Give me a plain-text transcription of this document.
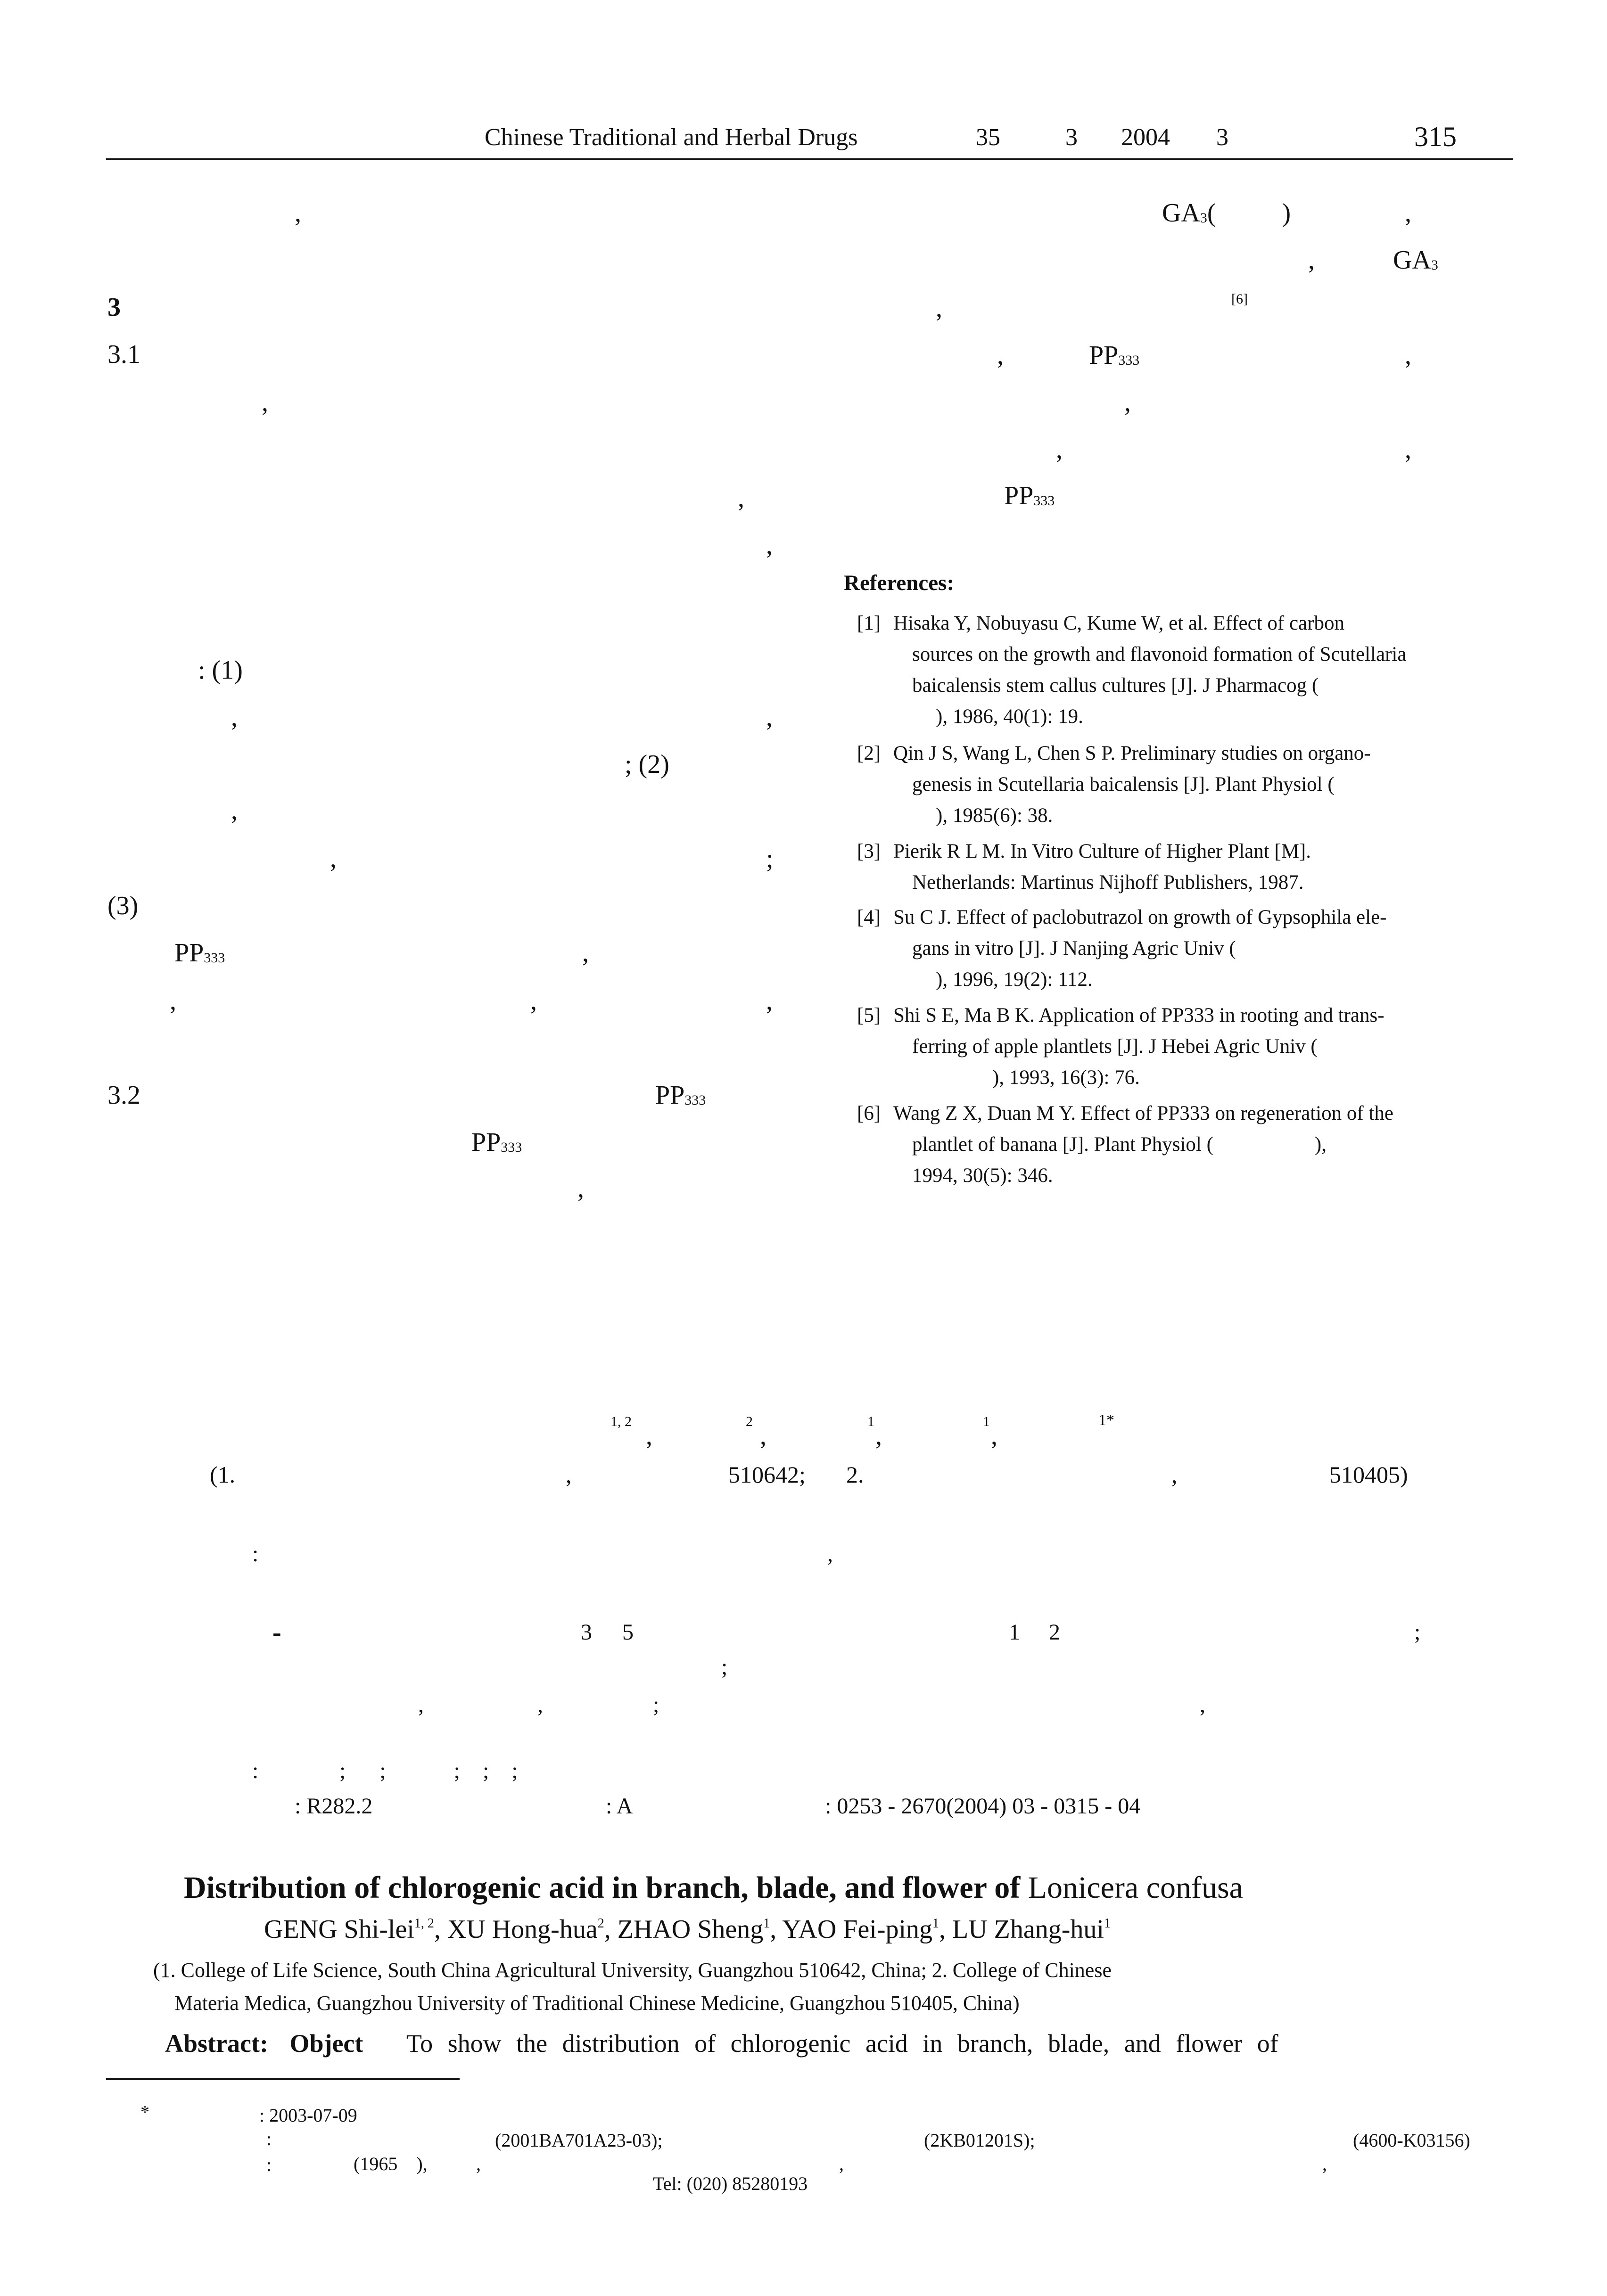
Chinese Traditional and Herbal Drugs	35	3 2004 3	315
,
3
3.1
,
,
,
: (1)
,	,
; (2)
,
,	;
(3)
$PP_{333}$	,
,	,	,
3.2	$PP_{333}$
$PP_{333}$
,
$GA_3$(          )	,
,	$GA_3$
[6]
,
,	$PP_{333}$	,
,
,	,
$PP_{333}$
References:
[1] Hisaka Y, Nobuyasu C, Kume W, et al. Effect of carbon
sources on the growth and flavonoid formation of Scutellaria
baicalensis stem callus cultures [J]. J Pharmacog (
), 1986, 40(1): 19.
[2] Qin J S, Wang L, Chen S P. Preliminary studies on organo-
genesis in Scutellaria baicalensis [J]. Plant Physiol (
), 1985(6): 38.
[3] Pierik R L M. In Vitro Culture of Higher Plant [M].
Netherlands: Martinus Nijhoff Publishers, 1987.
[4] Su C J. Effect of paclobutrazol on growth of Gypsophila ele-
gans in vitro [J]. J Nanjing Agric Univ (
), 1996, 19(2): 112.
[5] Shi S E, Ma B K. Application of PP333 in rooting and trans-
ferring of apple plantlets [J]. J Hebei Agric Univ (
), 1993, 16(3): 76.
[6] Wang Z X, Duan M Y. Effect of PP333 on regeneration of the
plantlet of banana [J]. Plant Physiol (                    ),
1994, 30(5): 346.
1, 2 ,	2 ,	1 ,	1 ,
1*
(1.	,	510642; 2.	,	510405)
:	,
-	3 5	1 2	;
;
,	,	;	,
:	;      ;            ;    ;    ;
: R282.2	: A	: 0253 - 2670(2004) 03 - 0315 - 04
Distribution of chlorogenic acid in branch, blade, and flower of Lonicera confusa
GENG Shi-lei$^{1, 2}$, XU Hong-hua$^2$, ZHAO Sheng$^1$, YAO Fei-ping$^1$, LU Zhang-hui$^1$
(1. College of Life Science, South China Agricultural University, Guangzhou 510642, China; 2. College of Chinese
Materia Medica, Guangzhou University of Traditional Chinese Medicine, Guangzhou 510405, China)
Abstract: Object To show the distribution of chlorogenic acid in branch, blade, and flower of
*	: 2003-07-09
:	(2001BA701A23-03);	(2KB01201S);	(4600-K03156)
:	(1965    ),	,	,	,
Tel: (020) 85280193
